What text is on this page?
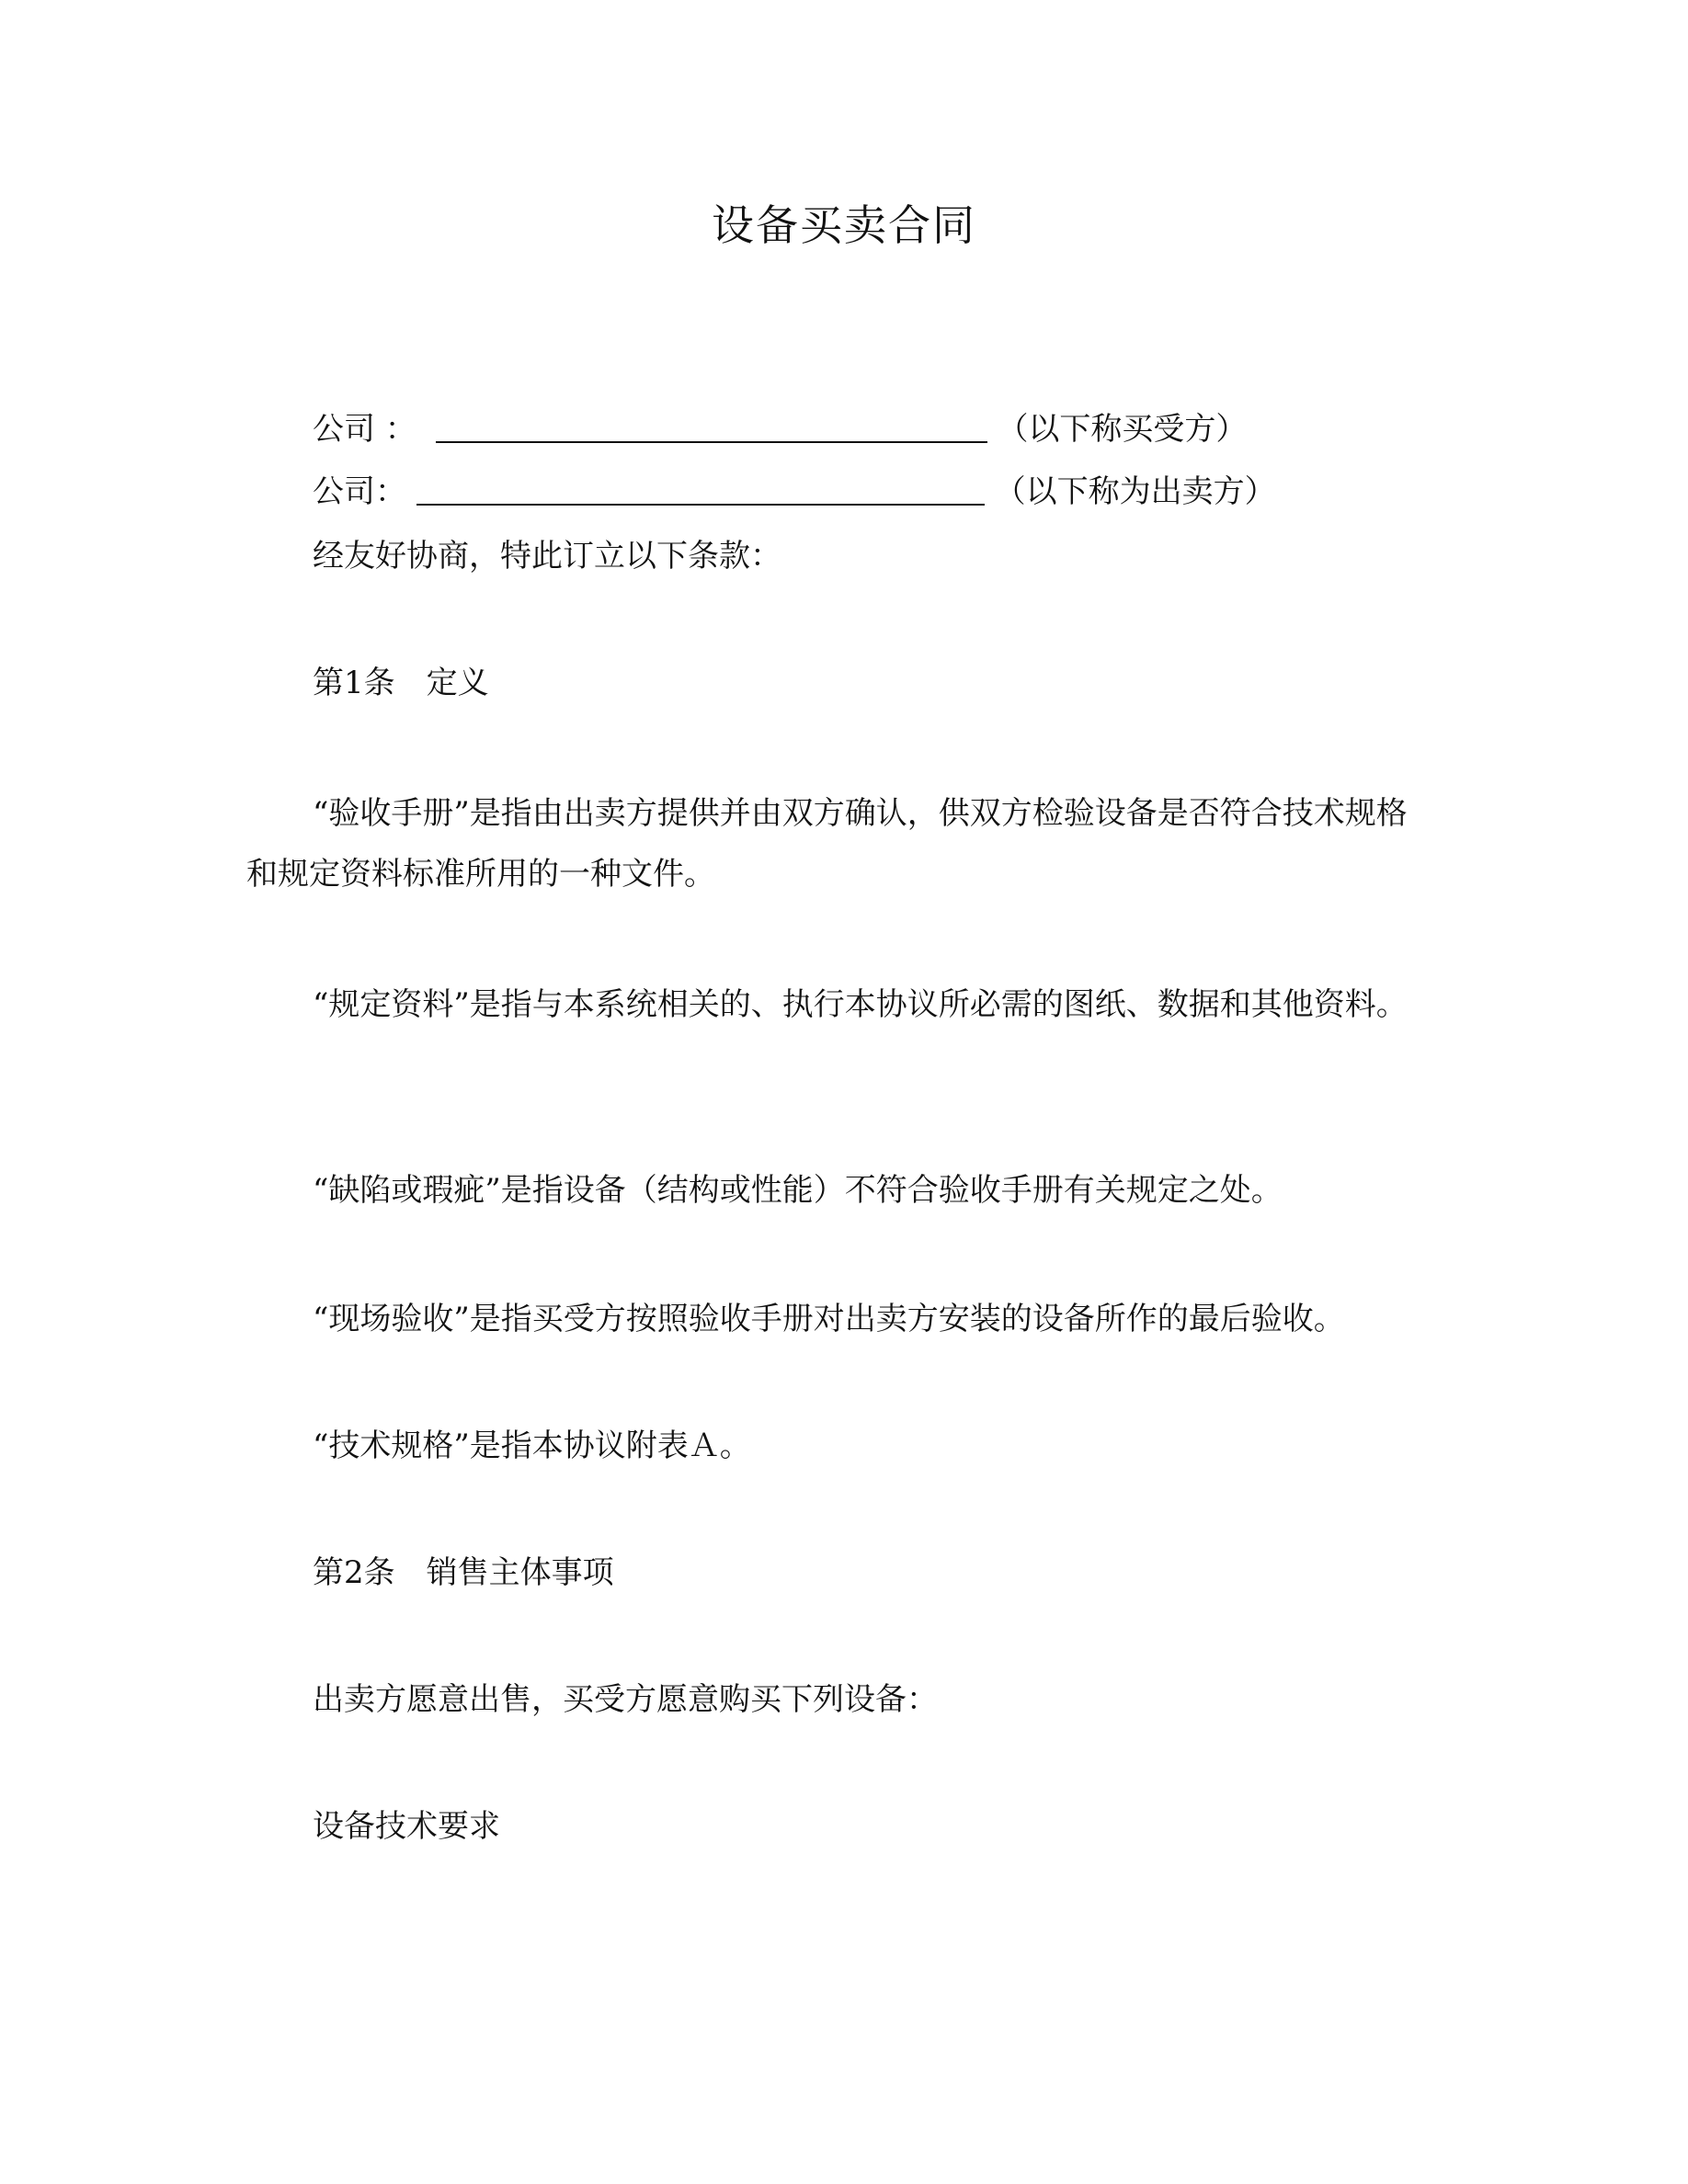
设备买卖合同
公司 ：	（以下称买受方）
公司：	（以下称为出卖方）
经友好协商，特此订立以下条款：
第1条　定义
“验收手册”是指由出卖方提供并由双方确认，供双方检验设备是否符合技术规格和规定资料标准所用的一种文件。
“规定资料”是指与本系统相关的、执行本协议所必需的图纸、数据和其他资料。
“缺陷或瑕疵”是指设备（结构或性能）不符合验收手册有关规定之处。
“现场验收”是指买受方按照验收手册对出卖方安装的设备所作的最后验收。
“技术规格”是指本协议附表Ａ。
第2条　销售主体事项
出卖方愿意出售，买受方愿意购买下列设备：
设备技术要求
